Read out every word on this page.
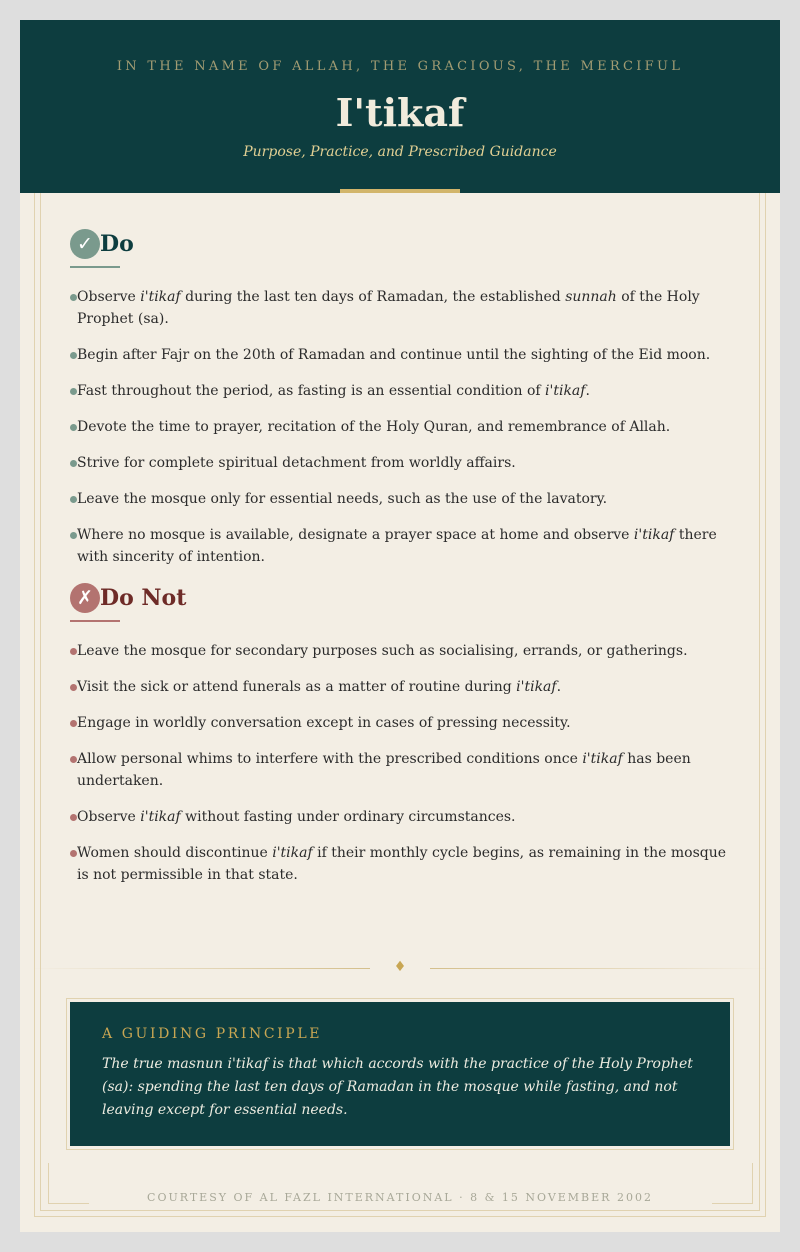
IN THE NAME OF ALLAH, THE GRACIOUS, THE MERCIFUL
I'tikaf
Purpose, Practice, and Prescribed Guidance
✓ Do
Observe i'tikaf during the last ten days of Ramadan, the established sunnah of the Holy Prophet (sa).
Begin after Fajr on the 20th of Ramadan and continue until the sighting of the Eid moon.
Fast throughout the period, as fasting is an essential condition of i'tikaf.
Devote the time to prayer, recitation of the Holy Quran, and remembrance of Allah.
Strive for complete spiritual detachment from worldly affairs.
Leave the mosque only for essential needs, such as the use of the lavatory.
Where no mosque is available, designate a prayer space at home and observe i'tikaf there with sincerity of intention.
✗ Do Not
Leave the mosque for secondary purposes such as socialising, errands, or gatherings.
Visit the sick or attend funerals as a matter of routine during i'tikaf.
Engage in worldly conversation except in cases of pressing necessity.
Allow personal whims to interfere with the prescribed conditions once i'tikaf has been undertaken.
Observe i'tikaf without fasting under ordinary circumstances.
Women should discontinue i'tikaf if their monthly cycle begins, as remaining in the mosque is not permissible in that state.
♦
A GUIDING PRINCIPLE
The true masnun i'tikaf is that which accords with the practice of the Holy Prophet (sa): spending the last ten days of Ramadan in the mosque while fasting, and not leaving except for essential needs.
COURTESY OF AL FAZL INTERNATIONAL · 8 & 15 NOVEMBER 2002
